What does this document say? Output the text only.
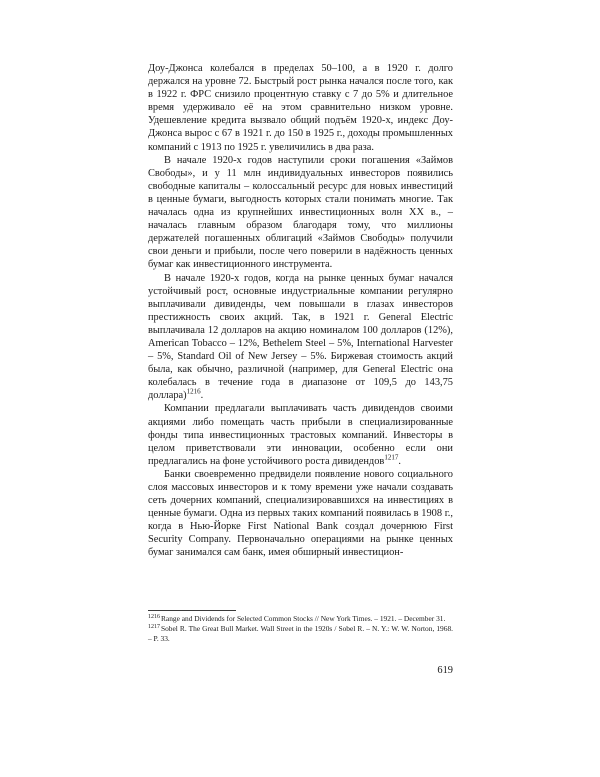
Доу-Джонса колебался в пределах 50–100, а в 1920 г. долго держался на уровне 72. Быстрый рост рынка начался после того, как в 1922 г. ФРС снизило процентную ставку с 7 до 5% и длительное время удерживало её на этом сравнительно низком уровне. Удешевление кредита вызвало общий подъём 1920-х, индекс Доу-Джонса вырос с 67 в 1921 г. до 150 в 1925 г., доходы промышленных компаний с 1913 по 1925 г. увеличились в два раза.

В начале 1920-х годов наступили сроки погашения «Займов Свободы», и у 11 млн индивидуальных инвесторов появились свободные капиталы – колоссальный ресурс для новых инвестиций в ценные бумаги, выгодность которых стали понимать многие. Так началась одна из крупнейших инвестиционных волн XX в., – началась главным образом благодаря тому, что миллионы держателей погашенных облигаций «Займов Свободы» получили свои деньги и прибыли, после чего поверили в надёжность ценных бумаг как инвестиционного инструмента.

В начале 1920-х годов, когда на рынке ценных бумаг начался устойчивый рост, основные индустриальные компании регулярно выплачивали дивиденды, чем повышали в глазах инвесторов престижность своих акций. Так, в 1921 г. General Electric выплачивала 12 долларов на акцию номиналом 100 долларов (12%), American Tobacco – 12%, Bethelem Steel – 5%, International Harvester – 5%, Standard Oil of New Jersey – 5%. Биржевая стоимость акций была, как обычно, различной (например, для General Electric она колебалась в течение года в диапазоне от 109,5 до 143,75 доллара)$^{1216}$.

Компании предлагали выплачивать часть дивидендов своими акциями либо помещать часть прибыли в специализированные фонды типа инвестиционных трастовых компаний. Инвесторы в целом приветствовали эти инновации, особенно если они предлагались на фоне устойчивого роста дивидендов$^{1217}$.

Банки своевременно предвидели появление нового социального слоя массовых инвесторов и к тому времени уже начали создавать сеть дочерних компаний, специализировавшихся на инвестициях в ценные бумаги. Одна из первых таких компаний появилась в 1908 г., когда в Нью-Йорке First National Bank создал дочернюю First Security Company. Первоначально операциями на рынке ценных бумаг занимался сам банк, имея обширный инвестицион-

$^{1216}$Range and Dividends for Selected Common Stocks // New York Times. – 1921. – December 31.

$^{1217}$Sobel R. The Great Bull Market. Wall Street in the 1920s / Sobel R. – N. Y.: W. W. Norton, 1968. – P. 33.

619
